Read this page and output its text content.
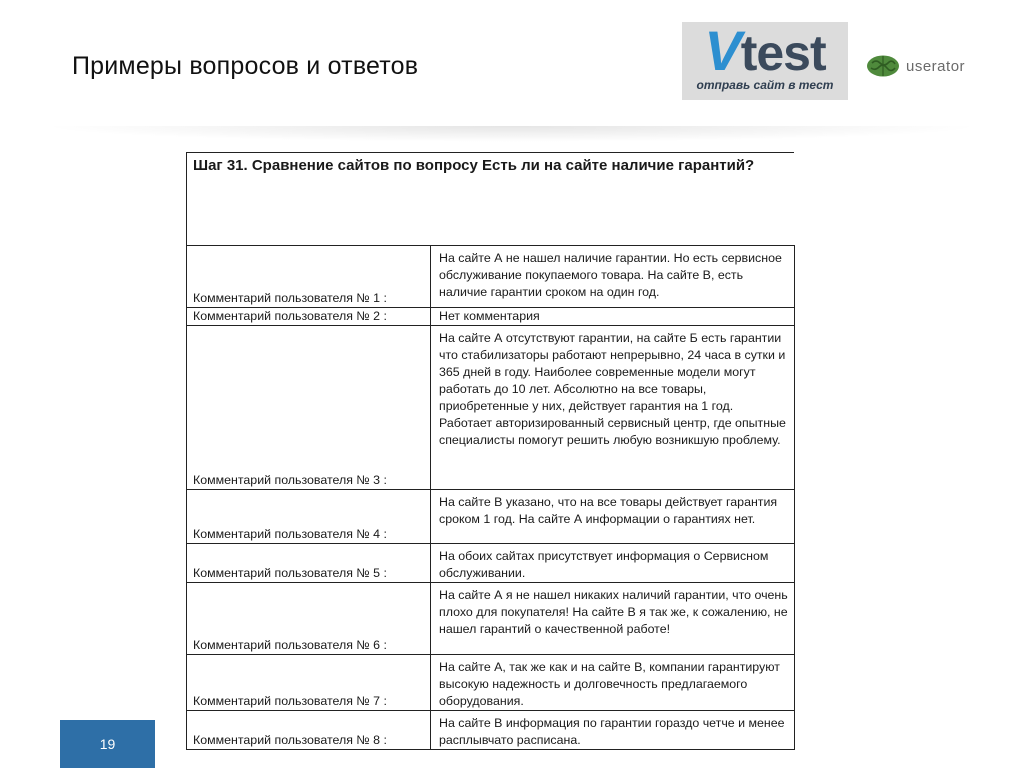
Примеры вопросов и ответов	Vtest
отправь сайт в тест
userator
Шаг 31. Сравнение сайтов по вопросу Есть ли на сайте наличие гарантий?
Комментарий пользователя № 1 :	На сайте А не нашел наличие гарантии. Но есть сервисное обслуживание покупаемого товара. На сайте В, есть наличие гарантии сроком на один год.
Комментарий пользователя № 2 :	Нет комментария
Комментарий пользователя № 3 :	На сайте А отсутствуют гарантии, на сайте Б есть гарантии что стабилизаторы работают непрерывно, 24 часа в сутки и 365 дней в году. Наиболее современные модели могут работать до 10 лет. Абсолютно на все товары, приобретенные у них, действует гарантия на 1 год. Работает авторизированный сервисный центр, где опытные специалисты помогут решить любую возникшую проблему.
Комментарий пользователя № 4 :	На сайте В указано, что на все товары действует гарантия сроком 1 год. На сайте А информации о гарантиях нет.
Комментарий пользователя № 5 :	На обоих сайтах присутствует информация о Сервисном обслуживании.
Комментарий пользователя № 6 :	На сайте А я не нашел никаких наличий гарантии, что очень плохо для покупателя! На сайте В я так же, к сожалению, не нашел гарантий о качественной работе!
Комментарий пользователя № 7 :	На сайте А, так же как и на сайте В, компании гарантируют высокую надежность и долговечность предлагаемого оборудования.
Комментарий пользователя № 8 :	На сайте В информация по гарантии гораздо четче и менее расплывчато расписана.
19
